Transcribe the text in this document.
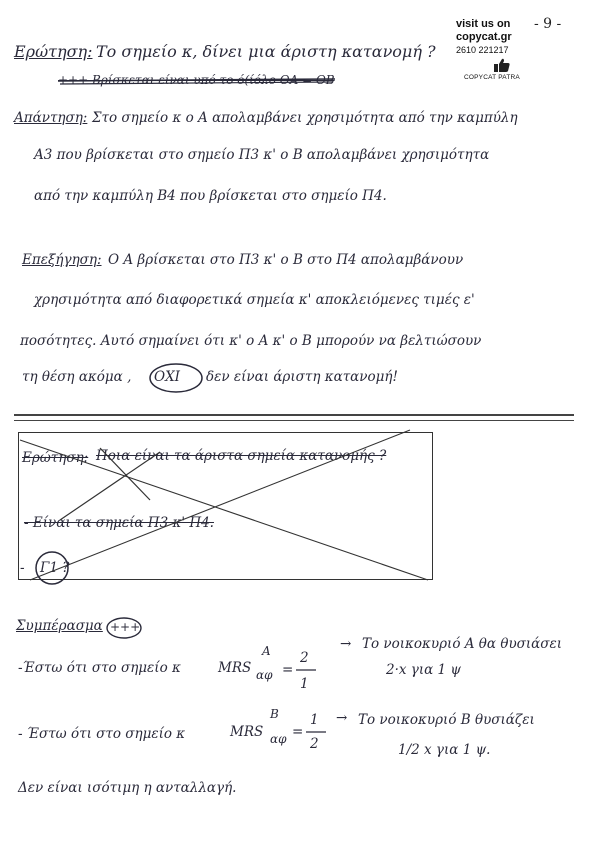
visit us on
copycat.gr
2610 221217
COPYCAT PATRA
- 9 -
Ερώτηση: Το σημείο κ, δίνει μια άριστη κατανομή ?
+++ Βρίσκεται είναι υπό το ό(ίόλο ΟΑ = ΟΒ
Απάντηση: Στο σημείο κ ο Α απολαμβάνει χρησιμότητα από την καμπύλη
Α3 που βρίσκεται στο σημείο Π3 κ' ο Β απολαμβάνει χρησιμότητα
από την καμπύλη Β4 που βρίσκεται στο σημείο Π4.
Επεξήγηση: Ο Α βρίσκεται στο Π3 κ' ο Β στο Π4 απολαμβάνουν
χρησιμότητα από διαφορετικά σημεία κ' αποκλειόμενες τιμές ε'
ποσότητες. Αυτό σημαίνει ότι κ' ο Α κ' ο Β μπορούν να βελτιώσουν
τη θέση ακόμα , ΟΧΙ δεν είναι άριστη κατανομή!
Ερώτηση: Ποια είναι τα άριστα σημεία κατανομής ?
- Είναι τα σημεία Π3 κ' Π4.
- Γ1 ?
Συμπέρασμα +++
-Έστω ότι στο σημείο κ	MRS
A
αφ =
2
1
→ Το νοικοκυριό Α θα θυσιάσει
2·x για 1 ψ
- Έστω ότι στο σημείο κ	MRS
B
αφ =
1
2
→ Το νοικοκυριό Β θυσιάζει
1/2 x για 1 ψ.
Δεν είναι ισότιμη η ανταλλαγή.
